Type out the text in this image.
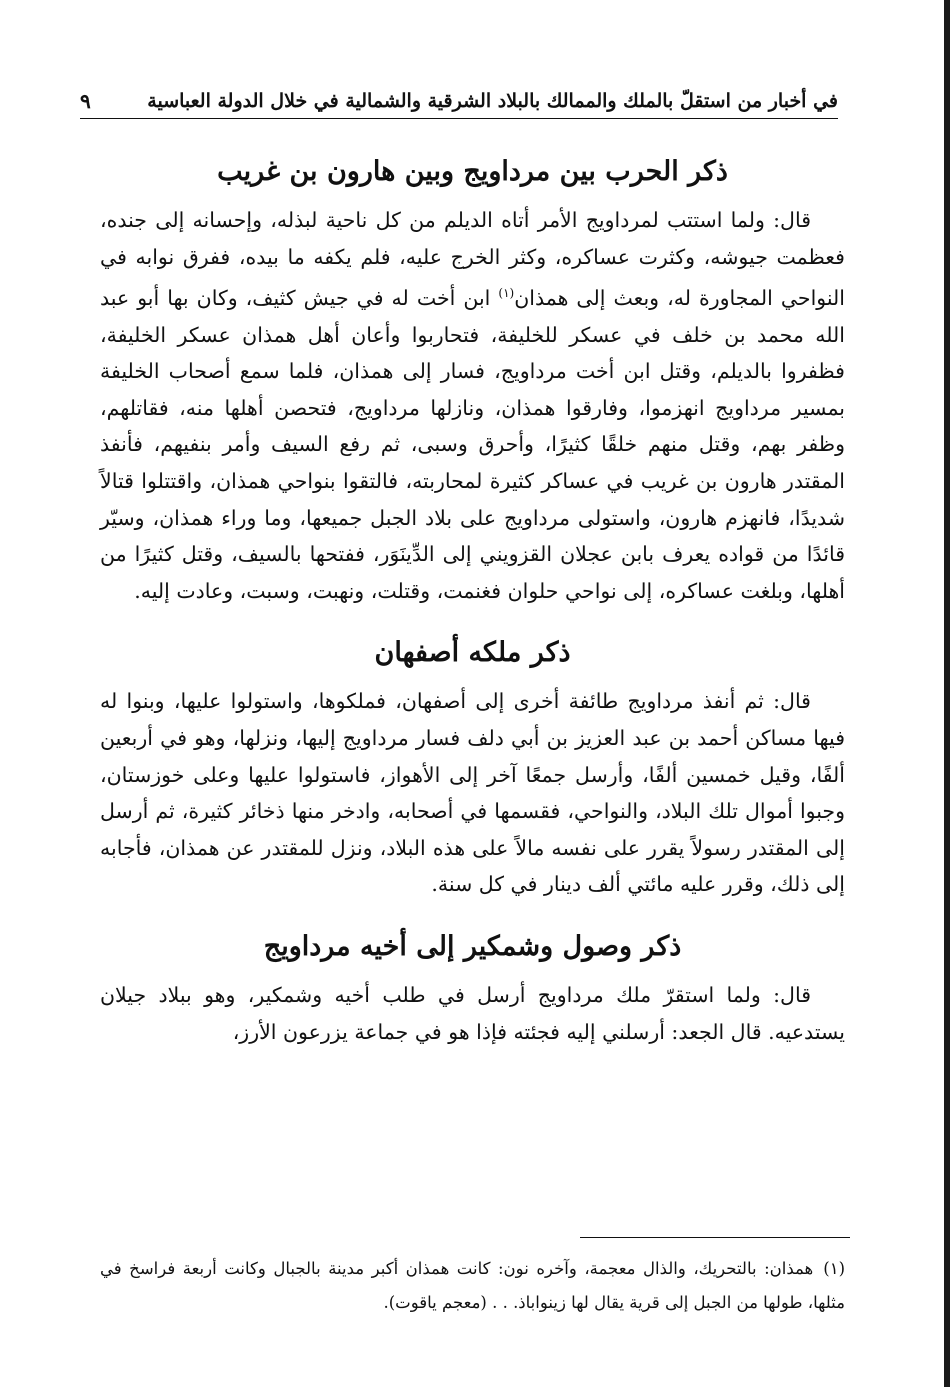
في أخبار من استقلّ بالملك والممالك بالبلاد الشرقية والشمالية في خلال الدولة العباسية
٩
ذكر الحرب بين مرداويج وبين هارون بن غريب

قال: ولما استتب لمرداويج الأمر أتاه الديلم من كل ناحية لبذله، وإحسانه إلى جنده، فعظمت جيوشه، وكثرت عساكره، وكثر الخرج عليه، فلم يكفه ما بيده، ففرق نوابه في النواحي المجاورة له، وبعث إلى همذان$^{(١)}$ ابن أخت له في جيش كثيف، وكان بها أبو عبد الله محمد بن خلف في عسكر للخليفة، فتحاربوا وأعان أهل همذان عسكر الخليفة، فظفروا بالديلم، وقتل ابن أخت مرداويج، فسار إلى همذان، فلما سمع أصحاب الخليفة بمسير مرداويج انهزموا، وفارقوا همذان، ونازلها مرداويج، فتحصن أهلها منه، فقاتلهم، وظفر بهم، وقتل منهم خلقًا كثيرًا، وأحرق وسبى، ثم رفع السيف وأمر بنفيهم، فأنفذ المقتدر هارون بن غريب في عساكر كثيرة لمحاربته، فالتقوا بنواحي همذان، واقتتلوا قتالاً شديدًا، فانهزم هارون، واستولى مرداويج على بلاد الجبل جميعها، وما وراء همذان، وسيّر قائدًا من قواده يعرف بابن عجلان القزويني إلى الدِّينَوَر، ففتحها بالسيف، وقتل كثيرًا من أهلها، وبلغت عساكره، إلى نواحي حلوان فغنمت، وقتلت، ونهبت، وسبت، وعادت إليه.

ذكر ملكه أصفهان

قال: ثم أنفذ مرداويج طائفة أخرى إلى أصفهان، فملكوها، واستولوا عليها، وبنوا له فيها مساكن أحمد بن عبد العزيز بن أبي دلف فسار مرداويج إليها، ونزلها، وهو في أربعين ألفًا، وقيل خمسين ألفًا، وأرسل جمعًا آخر إلى الأهواز، فاستولوا عليها وعلى خوزستان، وجبوا أموال تلك البلاد، والنواحي، فقسمها في أصحابه، وادخر منها ذخائر كثيرة، ثم أرسل إلى المقتدر رسولاً يقرر على نفسه مالاً على هذه البلاد، ونزل للمقتدر عن همذان، فأجابه إلى ذلك، وقرر عليه مائتي ألف دينار في كل سنة.

ذكر وصول وشمكير إلى أخيه مرداويج

قال: ولما استقرّ ملك مرداويج أرسل في طلب أخيه وشمكير، وهو ببلاد جيلان يستدعيه. قال الجعد: أرسلني إليه فجئته فإذا هو في جماعة يزرعون الأرز،

(١)همذان: بالتحريك، والذال معجمة، وآخره نون: كانت همذان أكبر مدينة بالجبال وكانت أربعة فراسخ في مثلها، طولها من الجبل إلى قرية يقال لها زينواباذ. . . (معجم ياقوت).
